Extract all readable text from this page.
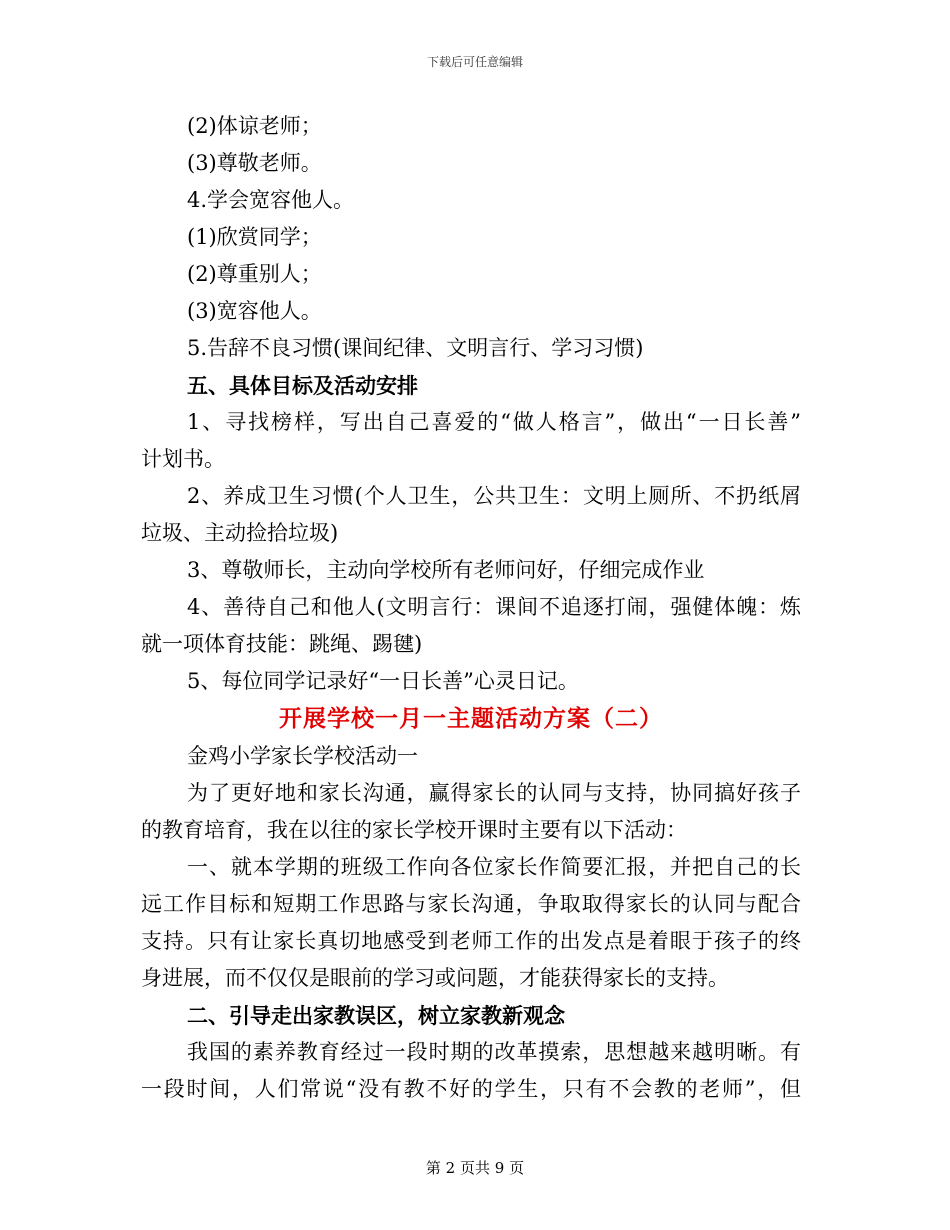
下载后可任意编辑
(2)体谅老师；
(3)尊敬老师。
4.学会宽容他人。
(1)欣赏同学；
(2)尊重别人；
(3)宽容他人。
5.告辞不良习惯(课间纪律、文明言行、学习习惯)
五、具体目标及活动安排
1、寻找榜样，写出自己喜爱的“做人格言”，做出“一日长善”
计划书。
2、养成卫生习惯(个人卫生，公共卫生：文明上厕所、不扔纸屑
垃圾、主动捡拾垃圾)
3、尊敬师长，主动向学校所有老师问好，仔细完成作业
4、善待自己和他人(文明言行：课间不追逐打闹，强健体魄：炼
就一项体育技能：跳绳、踢毽)
5、每位同学记录好“一日长善”心灵日记。
开展学校一月一主题活动方案（二）
金鸡小学家长学校活动一
为了更好地和家长沟通，赢得家长的认同与支持，协同搞好孩子
的教育培育，我在以往的家长学校开课时主要有以下活动：
一、就本学期的班级工作向各位家长作简要汇报，并把自己的长
远工作目标和短期工作思路与家长沟通，争取取得家长的认同与配合
支持。只有让家长真切地感受到老师工作的出发点是着眼于孩子的终
身进展，而不仅仅是眼前的学习或问题，才能获得家长的支持。
二、引导走出家教误区，树立家教新观念
我国的素养教育经过一段时期的改革摸索，思想越来越明晰。有
一段时间，人们常说“没有教不好的学生，只有不会教的老师”，但
第 2 页共 9 页
